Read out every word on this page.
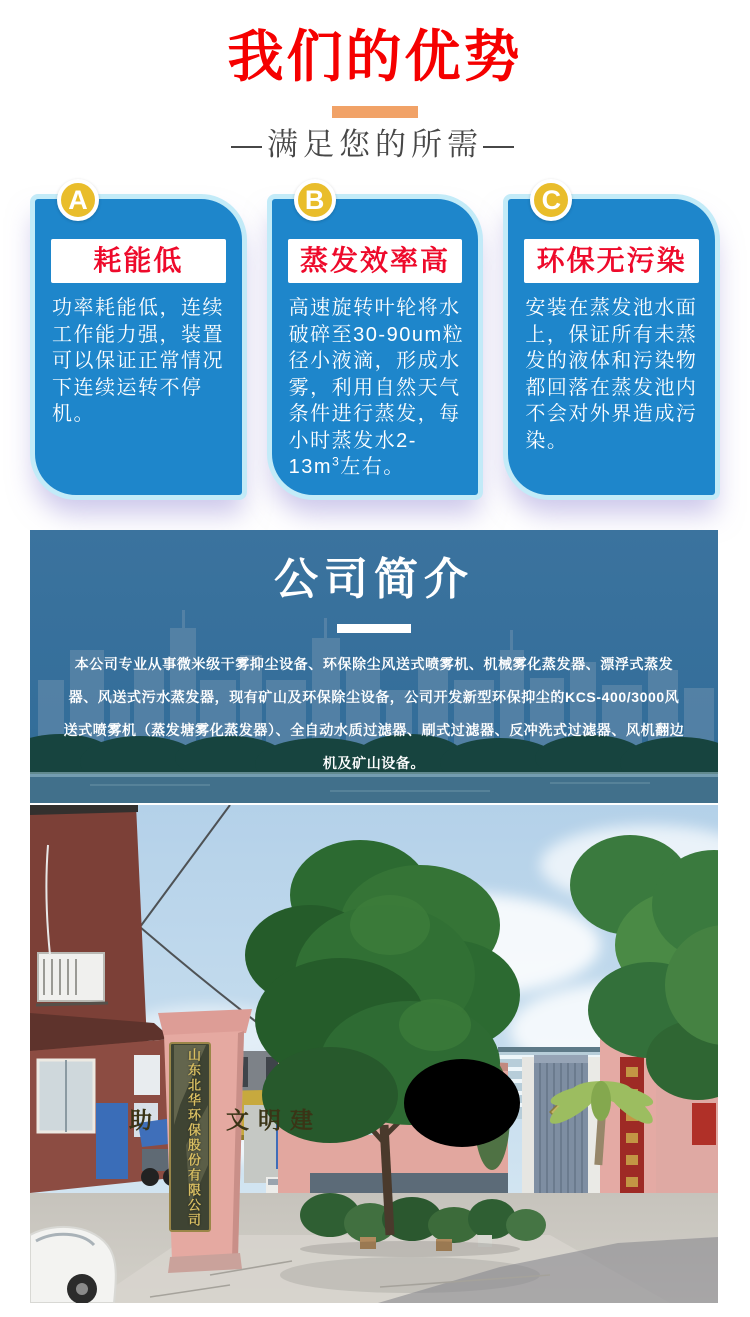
我们的优势
—满足您的所需—
A
耗能低

功率耗能低，连续工作能力强，装置可以保证正常情况下连续运转不停机。

B
蒸发效率高

高速旋转叶轮将水破碎至30-90um粒径小液滴，形成水雾，利用自然天气条件进行蒸发，每小时蒸发水$2-13m^3$左右。

C
环保无污染

安装在蒸发池水面上，保证所有未蒸发的液体和污染物都回落在蒸发池内不会对外界造成污染。

公司简介

本公司专业从事微米级干雾抑尘设备、环保除尘风送式喷雾机、机械雾化蒸发器、漂浮式蒸发器、风送式污水蒸发器，现有矿山及环保除尘设备，公司开发新型环保抑尘的KCS-400/3000风送式喷雾机（蒸发塘雾化蒸发器）、全自动水质过滤器、刷式过滤器、反冲洗式过滤器、风机翻边机及矿山设备。

山东北华环保股份有限公司
助	文明建
